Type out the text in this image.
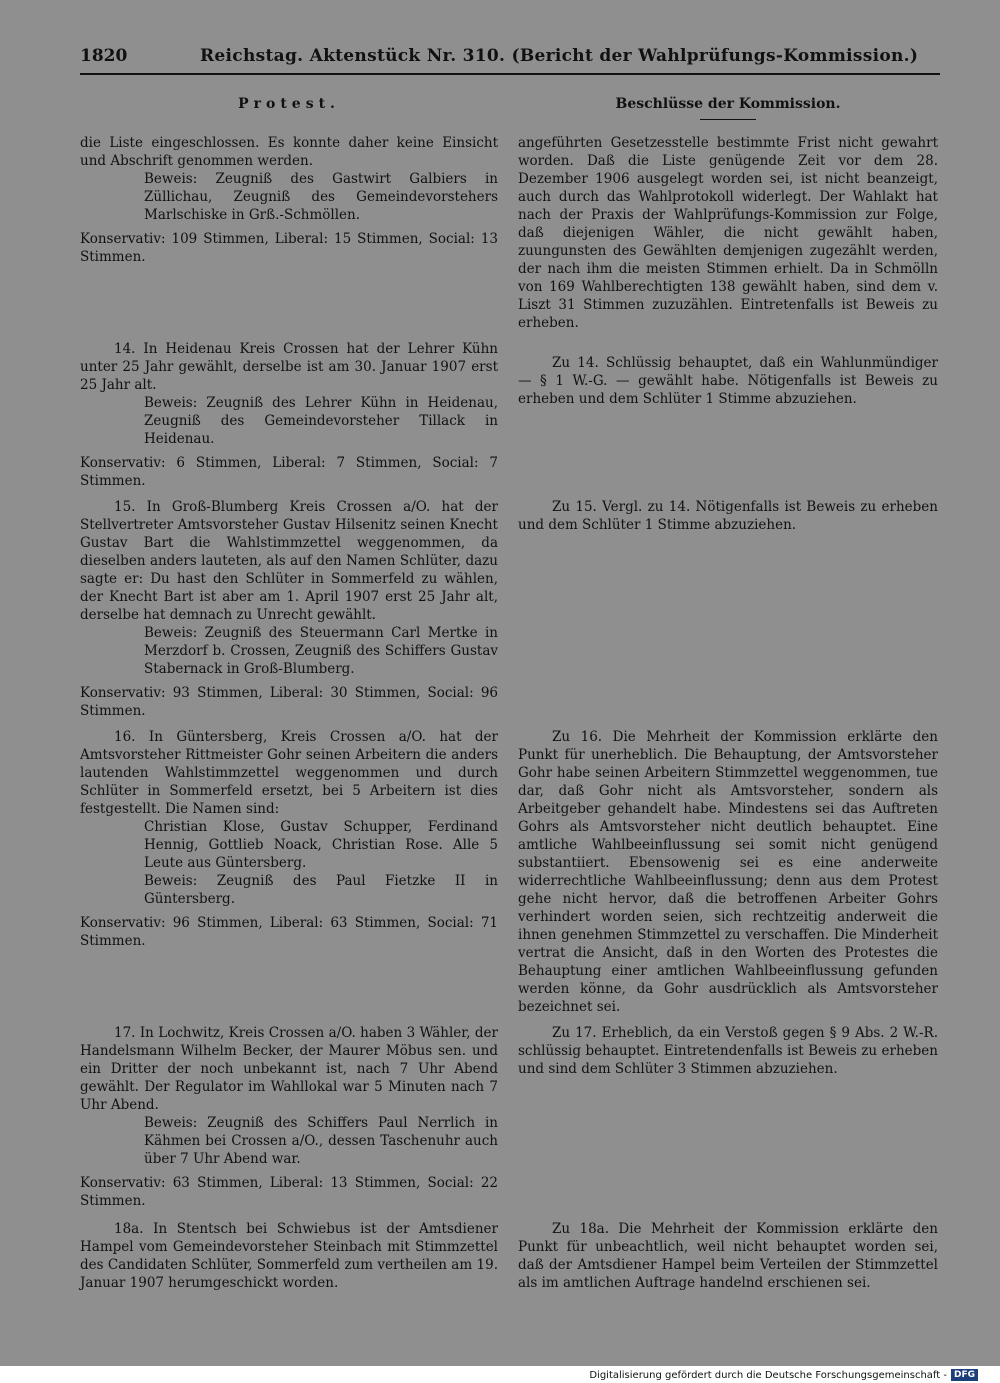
1820	Reichstag. Aktenstück Nr. 310. (Bericht der Wahlprüfungs-Kommission.)
Protest.	Beschlüsse der Kommission.

die Liste eingeschlossen. Es konnte daher keine Einsicht und Abschrift genommen werden.

Beweis: Zeugniß des Gastwirt Galbiers in Züllichau, Zeugniß des Gemeindevorstehers Marlschiske in Grß.-Schmöllen.

Konservativ: 109 Stimmen, Liberal: 15 Stimmen, Social: 13 Stimmen.

14. In Heidenau Kreis Crossen hat der Lehrer Kühn unter 25 Jahr gewählt, derselbe ist am 30. Januar 1907 erst 25 Jahr alt.

Beweis: Zeugniß des Lehrer Kühn in Heidenau, Zeugniß des Gemeindevorsteher Tillack in Heidenau.

Konservativ: 6 Stimmen, Liberal: 7 Stimmen, Social: 7 Stimmen.

15. In Groß-Blumberg Kreis Crossen a/O. hat der Stellvertreter Amtsvorsteher Gustav Hilsenitz seinen Knecht Gustav Bart die Wahlstimmzettel weggenommen, da dieselben anders lauteten, als auf den Namen Schlüter, dazu sagte er: Du hast den Schlüter in Sommerfeld zu wählen, der Knecht Bart ist aber am 1. April 1907 erst 25 Jahr alt, derselbe hat demnach zu Unrecht gewählt.

Beweis: Zeugniß des Steuermann Carl Mertke in Merzdorf b. Crossen, Zeugniß des Schiffers Gustav Stabernack in Groß-Blumberg.

Konservativ: 93 Stimmen, Liberal: 30 Stimmen, Social: 96 Stimmen.

16. In Güntersberg, Kreis Crossen a/O. hat der Amtsvorsteher Rittmeister Gohr seinen Arbeitern die anders lautenden Wahlstimmzettel weggenommen und durch Schlüter in Sommerfeld ersetzt, bei 5 Arbeitern ist dies festgestellt. Die Namen sind:

Christian Klose, Gustav Schupper, Ferdinand Hennig, Gottlieb Noack, Christian Rose. Alle 5 Leute aus Güntersberg.

Beweis: Zeugniß des Paul Fietzke II in Güntersberg.

Konservativ: 96 Stimmen, Liberal: 63 Stimmen, Social: 71 Stimmen.

17. In Lochwitz, Kreis Crossen a/O. haben 3 Wähler, der Handelsmann Wilhelm Becker, der Maurer Möbus sen. und ein Dritter der noch unbekannt ist, nach 7 Uhr Abend gewählt. Der Regulator im Wahllokal war 5 Minuten nach 7 Uhr Abend.

Beweis: Zeugniß des Schiffers Paul Nerrlich in Kähmen bei Crossen a/O., dessen Taschenuhr auch über 7 Uhr Abend war.

Konservativ: 63 Stimmen, Liberal: 13 Stimmen, Social: 22 Stimmen.

18a. In Stentsch bei Schwiebus ist der Amtsdiener Hampel vom Gemeindevorsteher Steinbach mit Stimmzettel des Candidaten Schlüter, Sommerfeld zum vertheilen am 19. Januar 1907 herumgeschickt worden.

angeführten Gesetzesstelle bestimmte Frist nicht gewahrt worden. Daß die Liste genügende Zeit vor dem 28. Dezember 1906 ausgelegt worden sei, ist nicht beanzeigt, auch durch das Wahlprotokoll widerlegt. Der Wahlakt hat nach der Praxis der Wahlprüfungs-Kommission zur Folge, daß diejenigen Wähler, die nicht gewählt haben, zuungunsten des Gewählten demjenigen zugezählt werden, der nach ihm die meisten Stimmen erhielt. Da in Schmölln von 169 Wahlberechtigten 138 gewählt haben, sind dem v. Liszt 31 Stimmen zuzuzählen. Eintretenfalls ist Beweis zu erheben.

Zu 14. Schlüssig behauptet, daß ein Wahlunmündiger — § 1 W.-G. — gewählt habe. Nötigenfalls ist Beweis zu erheben und dem Schlüter 1 Stimme abzuziehen.

Zu 15. Vergl. zu 14. Nötigenfalls ist Beweis zu erheben und dem Schlüter 1 Stimme abzuziehen.

Zu 16. Die Mehrheit der Kommission erklärte den Punkt für unerheblich. Die Behauptung, der Amtsvorsteher Gohr habe seinen Arbeitern Stimmzettel weggenommen, tue dar, daß Gohr nicht als Amtsvorsteher, sondern als Arbeitgeber gehandelt habe. Mindestens sei das Auftreten Gohrs als Amtsvorsteher nicht deutlich behauptet. Eine amtliche Wahlbeeinflussung sei somit nicht genügend substantiiert. Ebensowenig sei es eine anderweite widerrechtliche Wahlbeeinflussung; denn aus dem Protest gehe nicht hervor, daß die betroffenen Arbeiter Gohrs verhindert worden seien, sich rechtzeitig anderweit die ihnen genehmen Stimmzettel zu verschaffen. Die Minderheit vertrat die Ansicht, daß in den Worten des Protestes die Behauptung einer amtlichen Wahlbeeinflussung gefunden werden könne, da Gohr ausdrücklich als Amtsvorsteher bezeichnet sei.

Zu 17. Erheblich, da ein Verstoß gegen § 9 Abs. 2 W.-R. schlüssig behauptet. Eintretendenfalls ist Beweis zu erheben und sind dem Schlüter 3 Stimmen abzuziehen.

Zu 18a. Die Mehrheit der Kommission erklärte den Punkt für unbeachtlich, weil nicht behauptet worden sei, daß der Amtsdiener Hampel beim Verteilen der Stimmzettel als im amtlichen Auftrage handelnd erschienen sei.

Digitalisierung gefördert durch die Deutsche Forschungsgemeinschaft - DFG
